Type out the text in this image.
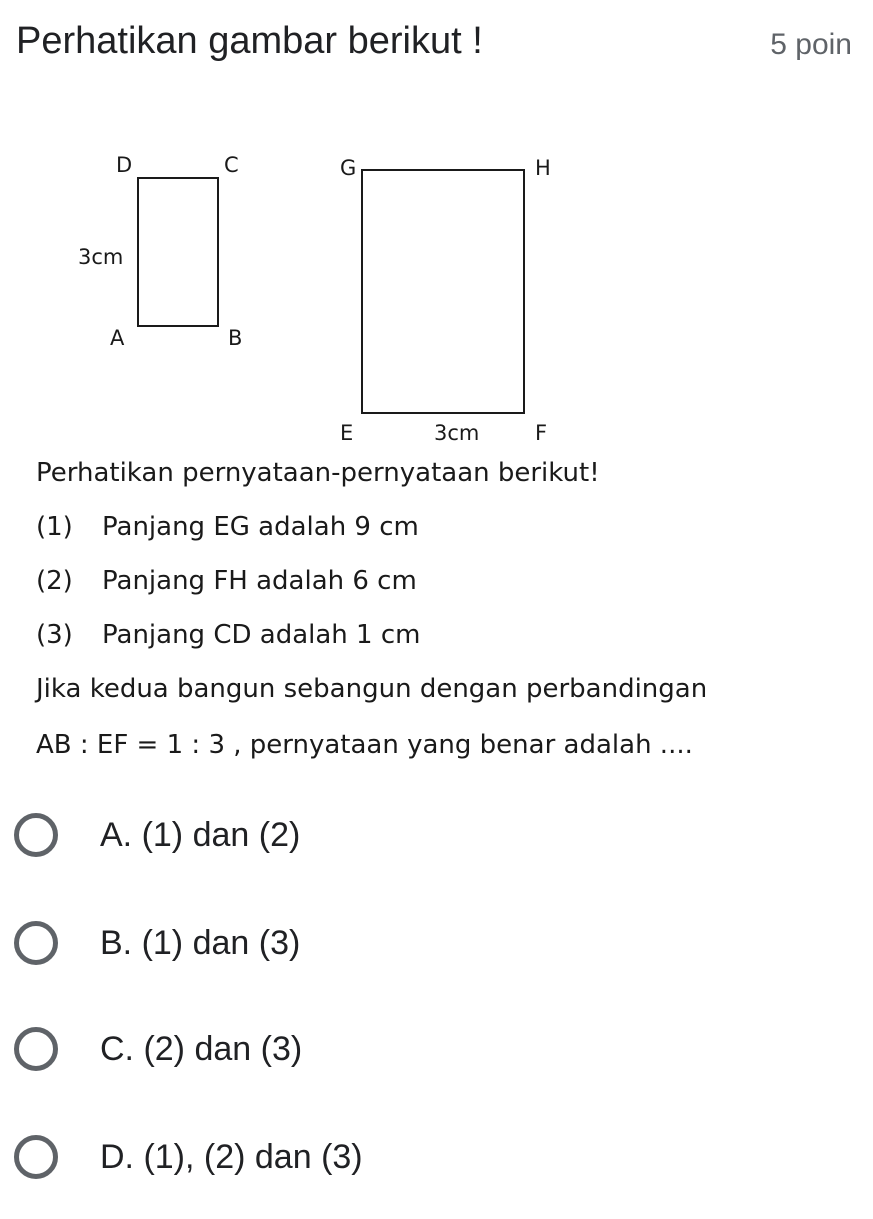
Perhatikan gambar berikut !	5 poin
D	C
A	B
3cm
G	H
E	F
3cm
Perhatikan pernyataan-pernyataan berikut!
(1) Panjang EG adalah 9 cm
(2) Panjang FH adalah 6 cm
(3) Panjang CD adalah 1 cm
Jika kedua bangun sebangun dengan perbandingan
AB : EF = 1 : 3 , pernyataan yang benar adalah ....
A. (1) dan (2)
B. (1) dan (3)
C. (2) dan (3)
D. (1), (2) dan (3)
